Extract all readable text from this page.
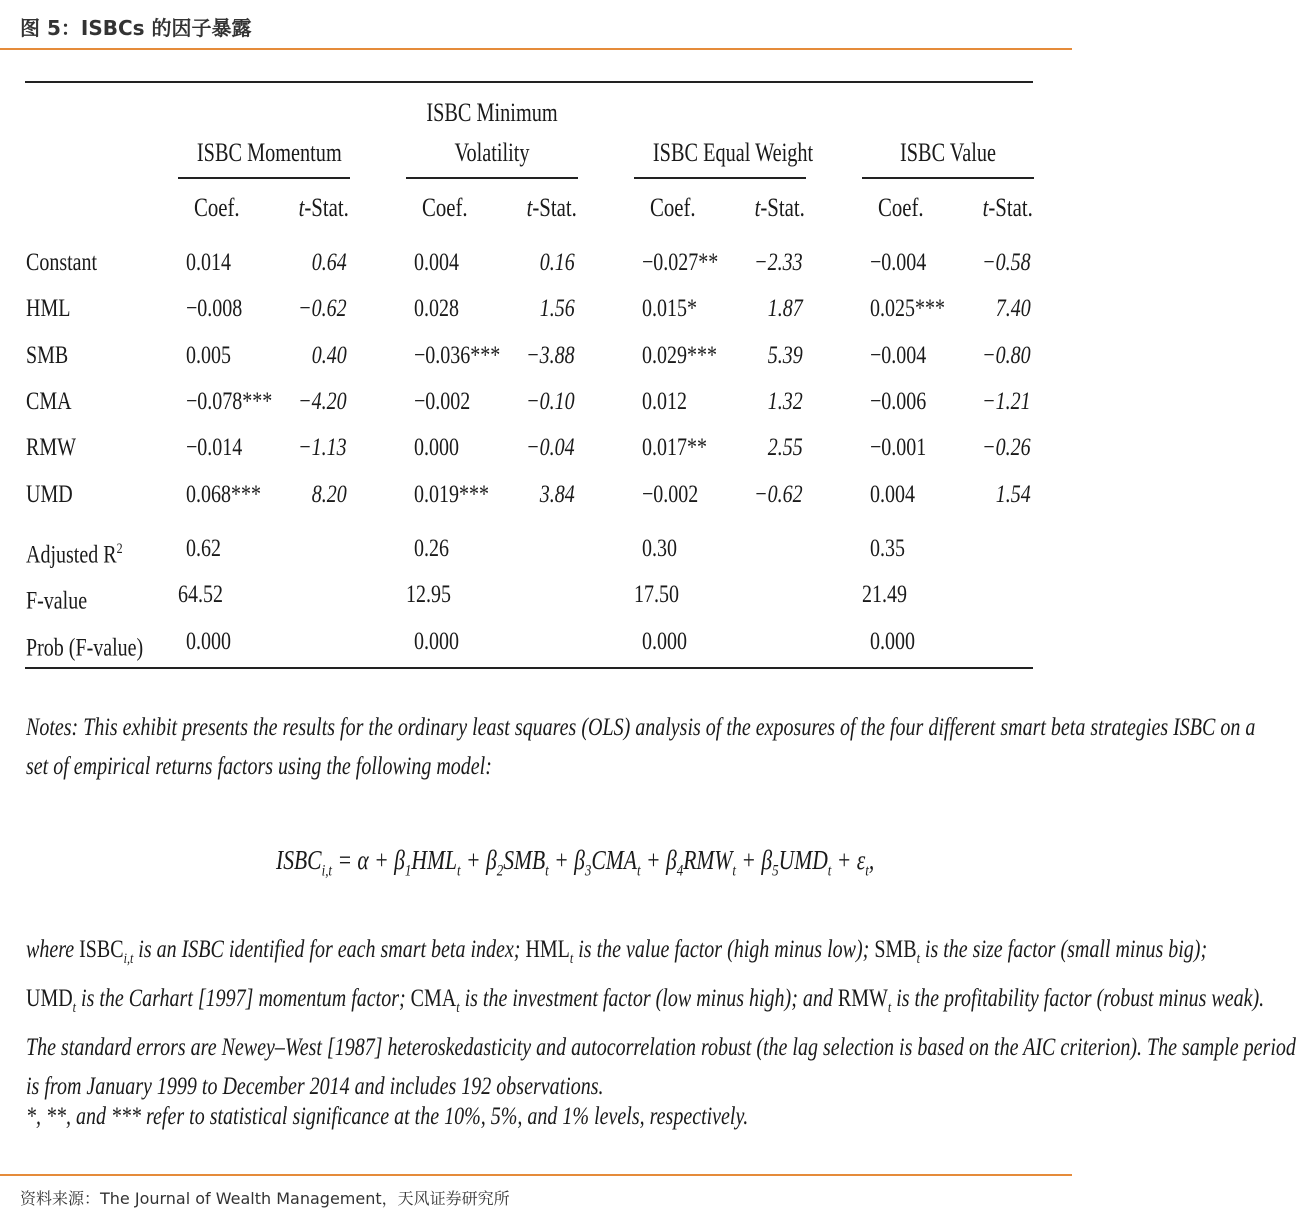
图 5：ISBCs 的因子暴露

ISBC Momentum
ISBC Minimum
Volatility
	ISBC Equal Weight
	ISBC Value
Coef. t-Stat.	Coef. t-Stat.	Coef. t-Stat.	Coef. t-Stat.
Constant	0.014	0.64	0.004	0.16	−0.027** −2.33	−0.004 −0.58
HML	−0.008 −0.62	0.028	1.56	0.015*	1.87	0.025*** 7.40
SMB	0.005	0.40	−0.036*** −3.88	0.029*** 5.39	−0.004 −0.80
CMA	−0.078*** −4.20	−0.002 −0.10	0.012	1.32	−0.006 −1.21
RMW	−0.014 −1.13	0.000	−0.04	0.017** 2.55	−0.001 −0.26
UMD	0.068*** 8.20	0.019*** 3.84	−0.002 −0.62	0.004	1.54
Adjusted $R^2$	0.62	0.26	0.30	0.35
F-value	64.52	12.95	17.50	21.49
Prob (F-value) 0.000	0.000	0.000	0.000
Notes: This exhibit presents the results for the ordinary least squares (OLS) analysis of the exposures of the four different smart beta strategies ISBC on a
set of empirical returns factors using the following model:
$ISBC_{i,t} = \alpha + \beta_1HML_t + \beta_2SMB_t + \beta_3CMA_t + \beta_4RMW_t + \beta_5UMD_t + \varepsilon_t$,
where $ISBC_{i,t}$ is an ISBC identified for each smart beta index; $HML_t$ is the value factor (high minus low); $SMB_t$ is the size factor (small minus big);
$UMD_t$ is the Carhart [1997] momentum factor; $CMA_t$ is the investment factor (low minus high); and $RMW_t$ is the profitability factor (robust minus weak).
The standard errors are Newey–West [1987] heteroskedasticity and autocorrelation robust (the lag selection is based on the AIC criterion). The sample period
is from January 1999 to December 2014 and includes 192 observations.
*, **, and *** refer to statistical significance at the 10%, 5%, and 1% levels, respectively.
资料来源：The Journal of Wealth Management，天风证券研究所
